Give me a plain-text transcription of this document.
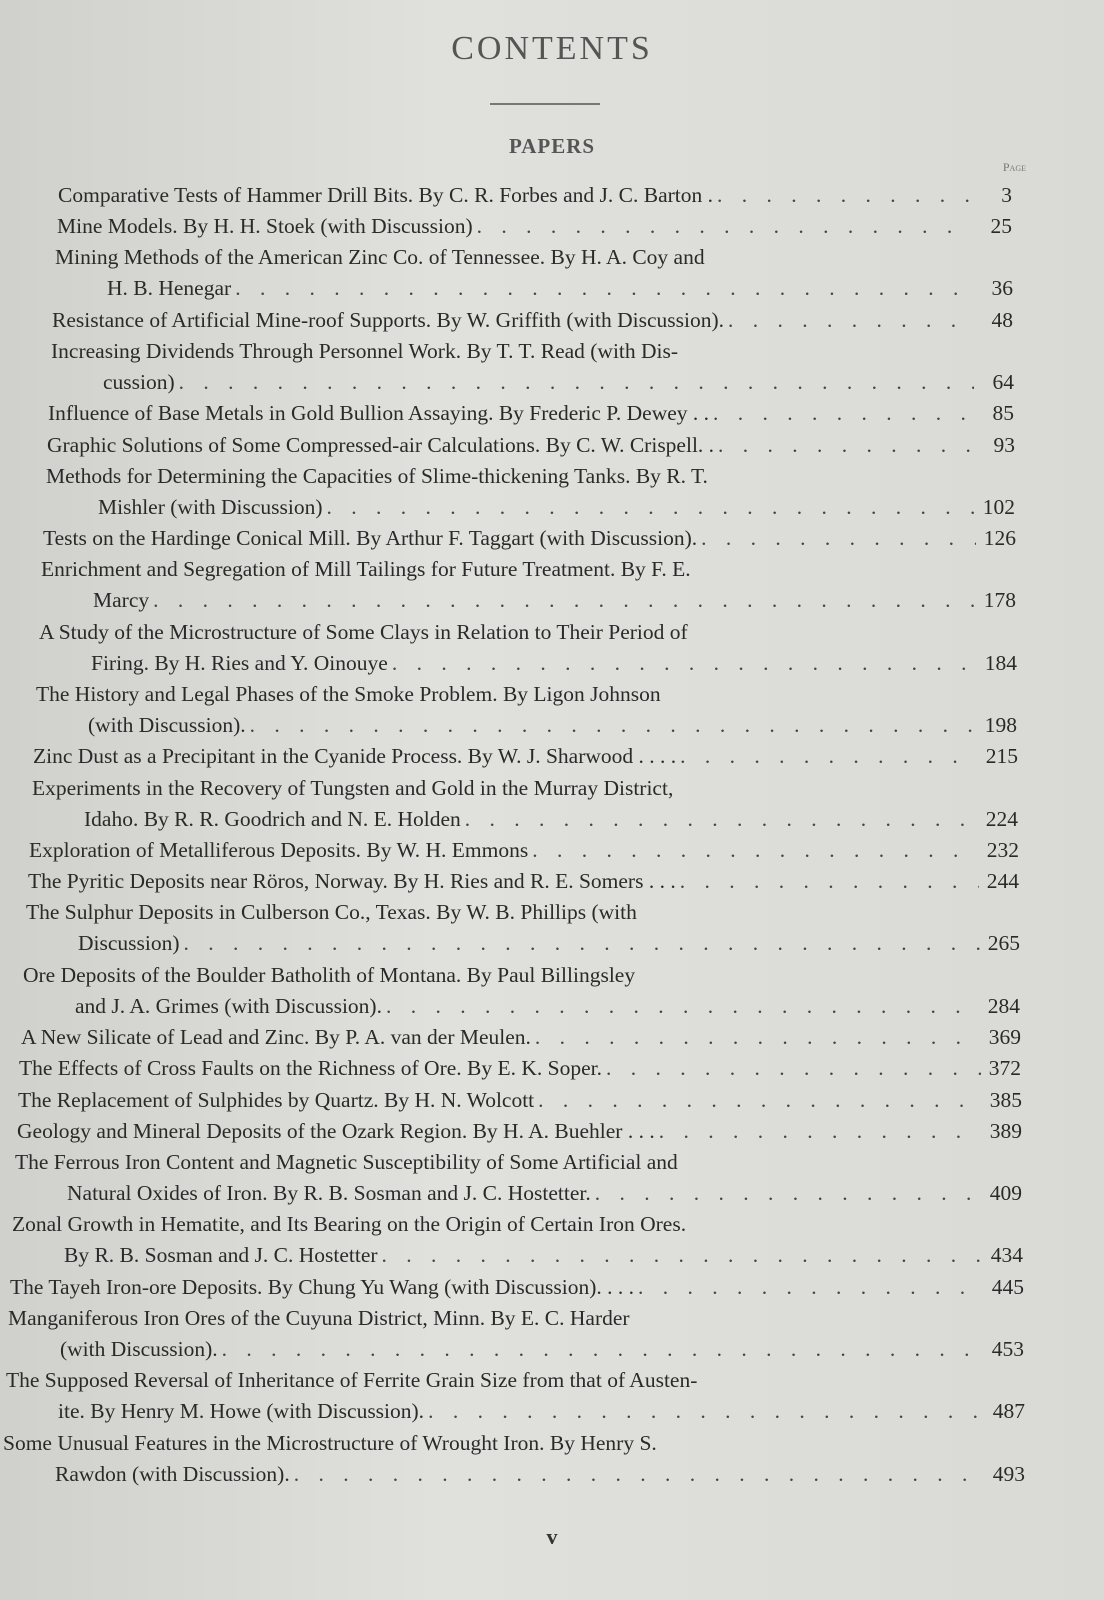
CONTENTS
PAPERS
Page
Comparative Tests of Hammer Drill Bits. By C. R. Forbes and J. C. Barton . . . .	3
Mine Models. By H. H. Stoek (with Discussion) . . .	25
Mining Methods of the American Zinc Co. of Tennessee. By H. A. Coy and
H. B. Henegar . . .	36
Resistance of Artificial Mine-roof Supports. By W. Griffith (with Discussion). . . .	48
Increasing Dividends Through Personnel Work. By T. T. Read (with Dis-
cussion) . . .	64
Influence of Base Metals in Gold Bullion Assaying. By Frederic P. Dewey . . . . .	85
Graphic Solutions of Some Compressed-air Calculations. By C. W. Crispell. . . . .	93
Methods for Determining the Capacities of Slime-thickening Tanks. By R. T.
Mishler (with Discussion) . . .	102
Tests on the Hardinge Conical Mill. By Arthur F. Taggart (with Discussion). . . .	126
Enrichment and Segregation of Mill Tailings for Future Treatment. By F. E.
Marcy . . .	178
A Study of the Microstructure of Some Clays in Relation to Their Period of
Firing. By H. Ries and Y. Oinouye . . .	184
The History and Legal Phases of the Smoke Problem. By Ligon Johnson
(with Discussion). . . .	198
Zinc Dust as a Precipitant in the Cyanide Process. By W. J. Sharwood . . . . . . .	215
Experiments in the Recovery of Tungsten and Gold in the Murray District,
Idaho. By R. R. Goodrich and N. E. Holden . . .	224
Exploration of Metalliferous Deposits. By W. H. Emmons . . .	232
The Pyritic Deposits near Röros, Norway. By H. Ries and R. E. Somers . . . . . .	244
The Sulphur Deposits in Culberson Co., Texas. By W. B. Phillips (with
Discussion) . . .	265
Ore Deposits of the Boulder Batholith of Montana. By Paul Billingsley
and J. A. Grimes (with Discussion). . . .	284
A New Silicate of Lead and Zinc. By P. A. van der Meulen. . . .	369
The Effects of Cross Faults on the Richness of Ore. By E. K. Soper. . . .	372
The Replacement of Sulphides by Quartz. By H. N. Wolcott . . .	385
Geology and Mineral Deposits of the Ozark Region. By H. A. Buehler . . . . . .	389
The Ferrous Iron Content and Magnetic Susceptibility of Some Artificial and
Natural Oxides of Iron. By R. B. Sosman and J. C. Hostetter. . . .	409
Zonal Growth in Hematite, and Its Bearing on the Origin of Certain Iron Ores.
By R. B. Sosman and J. C. Hostetter . . .	434
The Tayeh Iron-ore Deposits. By Chung Yu Wang (with Discussion). . . . . . .	445
Manganiferous Iron Ores of the Cuyuna District, Minn. By E. C. Harder
(with Discussion). . . .	453
The Supposed Reversal of Inheritance of Ferrite Grain Size from that of Austen-
ite. By Henry M. Howe (with Discussion). . . .	487
Some Unusual Features in the Microstructure of Wrought Iron. By Henry S.
Rawdon (with Discussion). . . .	493
v
